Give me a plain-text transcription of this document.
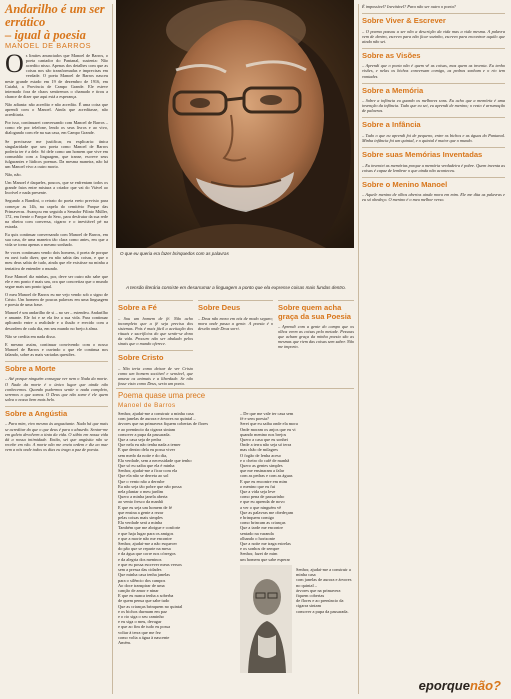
Andarilho é um ser errático
– igual à poesia
MANOEL DE BARROS

Os limites anunciados que Manoel de Barros, o poeta cantador do Pantanal, sustenta: Não acredito nisso. Apenas dos detalhes com que as coisas nos são transformadas e imprecisas em verdade. O poeta Manoel de Barros nasceu neste grande estado em 19 de dezembro de 1916, em Cuiabá, a Província de Campo Grande. Ele esteve internado fora de chaos sentiremos o chamado e tirou a chance de dizer que aqui está a esperança.

Não adianta: não acredito e não acredito. É uma coisa que aprendi com o Manoel. Ainda que acreditasse, não acreditaria.

Por isso, continuarei conversando com Manoel de Barros – como ele por telefone, lendo os seus livros e ao vivo, dialogando com ele na sua casa, em Campo Grande.

Se precisasse me justificar, eu explicaria: única singularidade que um poeta como Manoel de Barros poderia ter é a dele. Só dele como um homem que vive em comunhão com a linguagem, que transe, escreve seus fulgurantes e lúdicos poemas. Da mesma maneira, não há um Manoel vivo a outro morto.

Não, não.

Um Manoel é daqueles, poucos, que se enfrentam todos os grande fatos entre mistura a criador que vai do Viável ao Incrível e nada presente.

Segundo a Bandini, o retrato do poeta ereto previsto para começar as 14h, na capela do cemitério Parque das Primaveras. Avançou em seguida a Senador Filinto Müller, 172, em frente o Parque do Sesc, para desfrutar da sua rede na ribeira com conversa, cigarro e o inevitável pé na estrada.

Eu quis continuar conversando com Manoel de Barros, em sua casa, de uma maneira tão clara como antes, em que a vida se torna apenas o mesmo sonhado.

Se voces continuam vendo dois homens, ó poeta de porque eu ouvi tudo dizer, que eu não sabia das coisas, e que o meu deus sabia de tudo, ainda que ele existisse na minha a tentativa de entender o mundo.

Esse Manoel diz minhas, por, deve ser outro não sabe que ele e em ponto é mais um, ora que concretiza que o mundo segue mais um ponto igual.

O meu Manoel de Barros eu me vejo vendo sob o signo de Cristo. Um homem de poucas palavras em uma linguagem e poesia de uma frase.

Manoel é um andarilho de si – no ser – estendeu. Andarilho e amante. Ele foi e se ela fez a sua vida. Para continuar aplicando entre a realidade e a ilusão e erecido com a desordem de cada dia, em seu mundo no brejo à alma.

Não se credita em nada disso.

E mesmo assim, continuar convivendo com o nosso Manoel de Barros e ouvindo o que ele continua nos falando, sobre as mais variadas questões.

Sobre a Morte

– Até porque ninguém consegue ver nem o Nada da morte. O Nada da morte é o único lugar que ainda não conhecemos. Quando pudermos sentir o nada completo, seremos o que somos. O Deus que não some é ele quem salva o nosso bem mais belo.

Sobre a Angústia

– Para mim, vivo mesmo às angustiante. Nada há que mais se acreditar do que o que deus é para o absurdo. Sentar-me em galeto devolvem a tinta da vida. O sábio em nossa vida dá a nossa intimidade. Então, sei que angústia não se recebe em vão. A morte não me envia ordem e diz ao mar vem a nós onde todos os dias eu trago a paz de poesia.

O que eu queria era fazer brinquedos com as palavras
A tensão literária consiste em desarrumar a linguagem a ponto que ela expresse coisas mais fundas dentro.
Sobre a Fé

– Sou um homem de fé. Não acho incompleto que a fé seja precisa dos sistemas. Pois é mais fácil a aceitação dos rituais e sacrifícios do que sentir-se dono da vida. Procuro não ser abalado pelos sinais que o mundo oferece.

Sobre Cristo

– Não teria como deixar de ver Cristo como um homem sociável e sensível, que amava os animais e a liberdade. Se não fosse visto como Deus, seria um poeta.

Sobre Deus

– Deus não mora em nós de modo seguro; mora onde passa a gente. A poesia é o desvão onde Deus sorri.

Sobre quem acha graça da sua Poesia

– Aprendi com a gente do campo que os olhos veem as coisas pela metade. Pessoas que acham graça da minha poesia são as mesmas que riem das coisas sem saber. Não me importo.

Poema quase uma prece
Manoel de Barros
Senhor, ajudai-me a construir a minha casa
com janelas de aurora e árvores no quintal –
árvores que na primavera fiquem cobertas de flores
e ao prenúncio da cigarra sintam
comover a pupa da passarada.
Que a casa seja de pedra
Que nela eu não tenha nada a temer
E que dentro dela eu possa viver
sem medo da noite e do dia,
Ela verdade, sem a necessidade que tenho
Que só eu saiba que ela é minha
Senhor, ajudai-me a ficar com ela
Que ela não se derreta ao sol
Que o vento não a derrube
Eu não seja tão pobre que não possa
nela plantar o meu jardim
Quero a minha janela aberta
ao vento fresco da manhã
E que eu seja um homem de fé
que ensina a gente a rezar
pelas coisas mais simples
Ela verdade será a minha
Também que me abrigue e conforte
e que haja lugar para os amigos
e que a morte não me encontre
Senhor, ajudai-me a não esquecer
do pão que se reparte na mesa
e da água que corre nos córregos
e da alegria dos meninos
e que eu possa escrever meus versos
sem a pressa das cidades
Que minha casa tenha janelas
para o silêncio dos campos
Ao doce transpirar de uma
canção de amor e ninar
E que eu nunca tenha a soberba
de quem pensa que sabe tudo
Que as crianças brinquem no quintal
e os bichos durmam em paz
e o rio siga o seu caminho
e eu siga o meu, devagar
e que ao fim de tudo eu possa
voltar à terra que me fez
como volta a água à nascente
Amém.
– De que me vale ter casa sem
fé e sem poesia?
Serei que eu saiba onde ela mora
Onde moram os anjos que eu vi
quando menino nos brejos
Quero a casa que eu sonhei
Onde a terra não seja só terra
mas chão de milagres
O fogão de lenha aceso
e o cheiro do café de manhã
Quero as gentes simples
que me ensinaram a falar
com as pedras e com as águas
E que eu encontre em mim
o menino que eu fui
Que a vida seja leve
como pena de passarinho
e que eu aprenda de novo
a ver o que ninguém vê
Que as palavras me obedeçam
e brinquem comigo
como brincam as crianças
Que a tarde me encontre
sentado na varanda
olhando o horizonte
Que a noite me traga estrelas
e os sonhos de sempre
Senhor, fazei de mim
um homem que sabe esperar
Senhor, ajudai-me a construir a minha casa
com janelas de aurora e árvores no quintal –
árvores que na primavera fiquem cobertas
de flores e ao prenúncio da cigarra sintam
comover a pupa da passarada.

É impossível? Inevitável? Para não ser outro o poeta?

Sobre Viver & Escrever

– O poema passou a ser não a descrição da vida mas a vida mesma. A palavra vem de dentro, escrevo para não ficar sozinho, escrevo para encontrar aquilo que ainda não sei.

Sobre as Visões

– Aprendi que o poeta não é quem vê as coisas, mas quem as inventa. Eu tenho visões, e nelas os bichos conversam comigo, as pedras sonham e o rio tem vontades.

Sobre a Memória

– Sobre a infância eu guardo os melhores sons. Eu acho que a memória é uma invenção da infância. Tudo que eu sei, eu aprendi de menino; o resto é arrumação de palavras.

Sobre a Infância

– Tudo o que eu aprendi foi de pequeno, entre os bichos e as águas do Pantanal. Minha infância foi um quintal, e o quintal é maior que o mundo.

Sobre suas Memórias Inventadas

– Eu inventei as memórias porque a memória verdadeira é pobre. Quem inventa as coisas é capaz de lembrar o que ainda não aconteceu.

Sobre o Menino Manoel

– Aquele menino de olhos abertos ainda mora em mim. Ele me dita as palavras e eu só obedeço. O menino é o meu melhor verso.

eporquenão?
